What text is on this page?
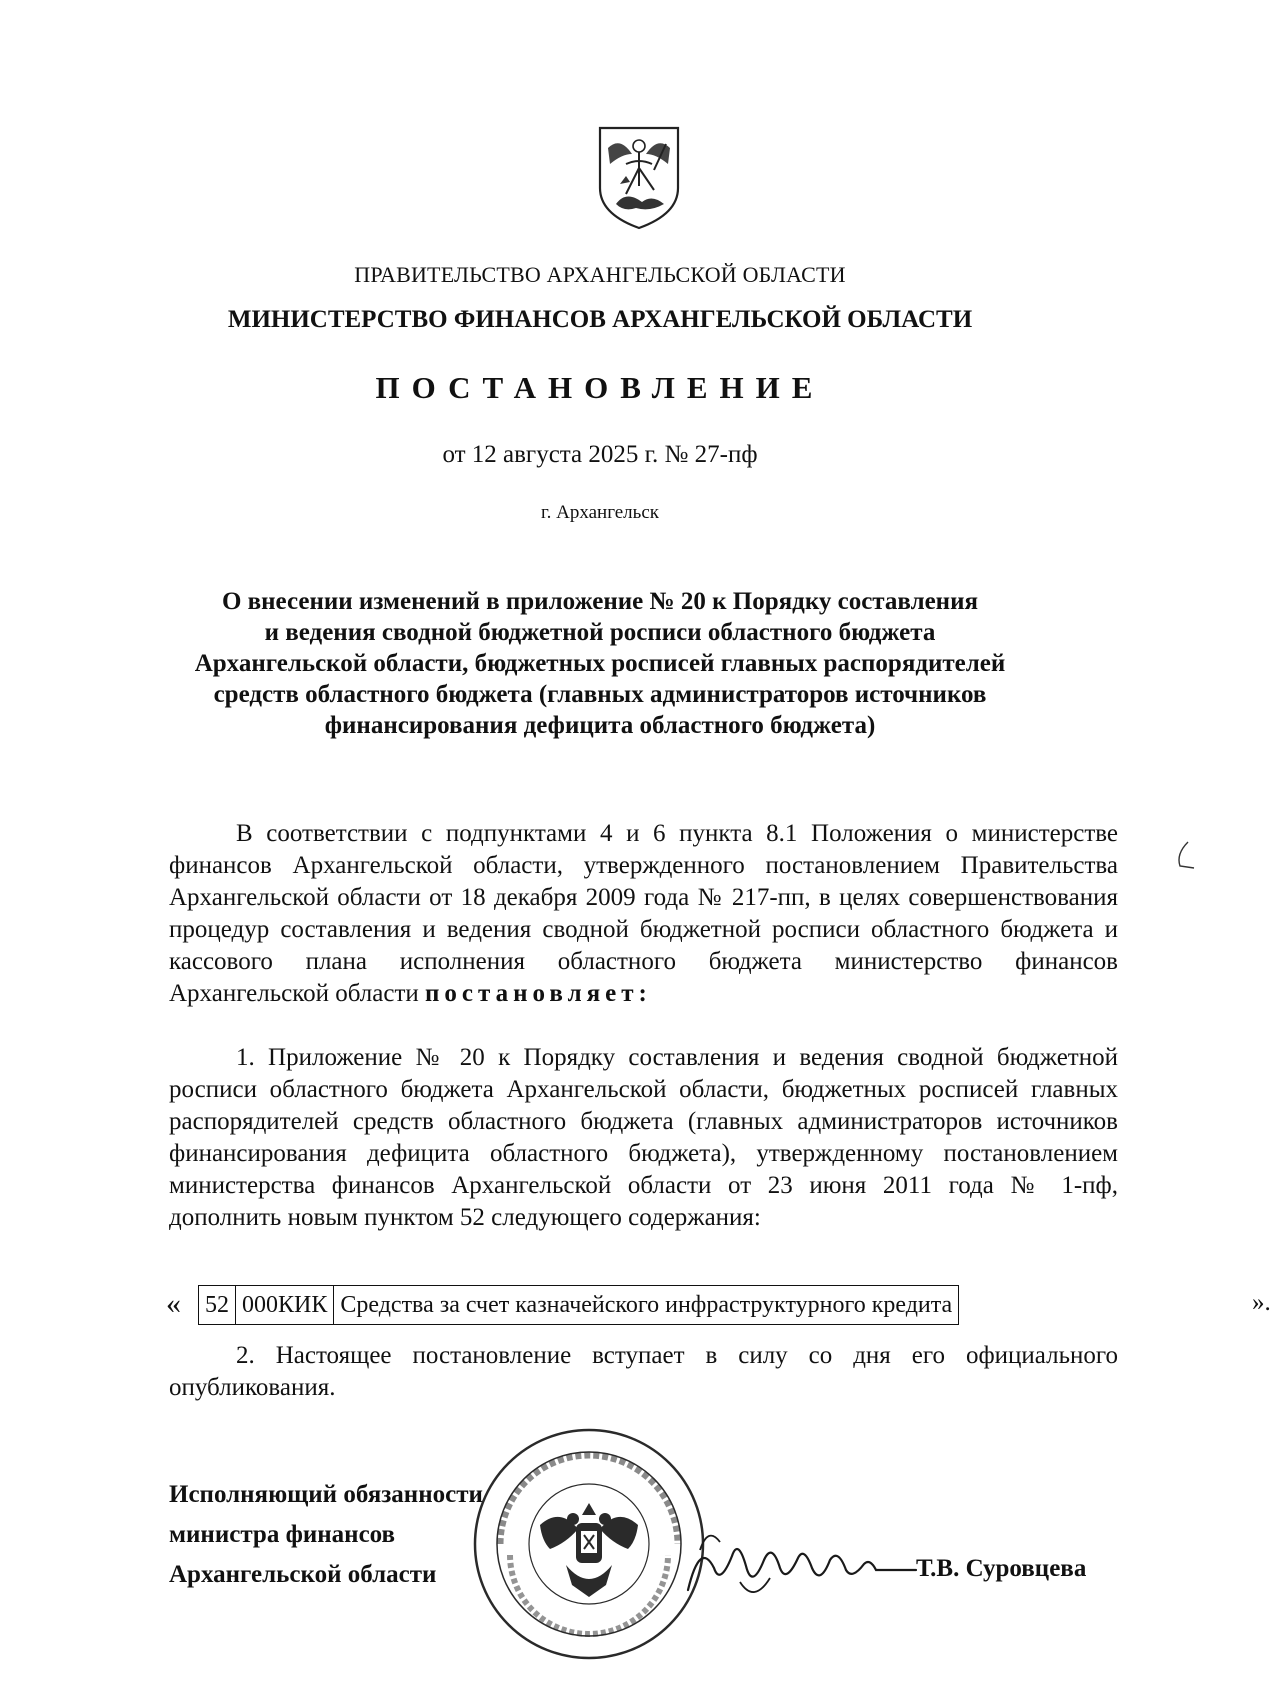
ПРАВИТЕЛЬСТВО АРХАНГЕЛЬСКОЙ ОБЛАСТИ
МИНИСТЕРСТВО ФИНАНСОВ АРХАНГЕЛЬСКОЙ ОБЛАСТИ
ПОСТАНОВЛЕНИЕ
от 12 августа 2025 г. № 27-пф
г. Архангельск
О внесении изменений в приложение № 20 к Порядку составления
и ведения сводной бюджетной росписи областного бюджета
Архангельской области, бюджетных росписей главных распорядителей
средств областного бюджета (главных администраторов источников
финансирования дефицита областного бюджета)
В соответствии с подпунктами 4 и 6 пункта 8.1 Положения о министерстве финансов Архангельской области, утвержденного постановлением Правительства Архангельской области от 18 декабря 2009 года № 217-пп, в целях совершенствования процедур составления и ведения сводной бюджетной росписи областного бюджета и кассового плана исполнения областного бюджета министерство финансов Архангельской области постановляет:
1. Приложение № 20 к Порядку составления и ведения сводной бюджетной росписи областного бюджета Архангельской области, бюджетных росписей главных распорядителей средств областного бюджета (главных администраторов источников финансирования дефицита областного бюджета), утвержденному постановлением министерства финансов Архангельской области от 23 июня 2011 года № 1-пф, дополнить новым пунктом 52 следующего содержания:
« 52	000КИК	Средства за счет казначейского инфраструктурного кредита	».
2. Настоящее постановление вступает в силу со дня его официального опубликования.
Исполняющий обязанности
министра финансов
Архангельской области	Т.В. Суровцева
